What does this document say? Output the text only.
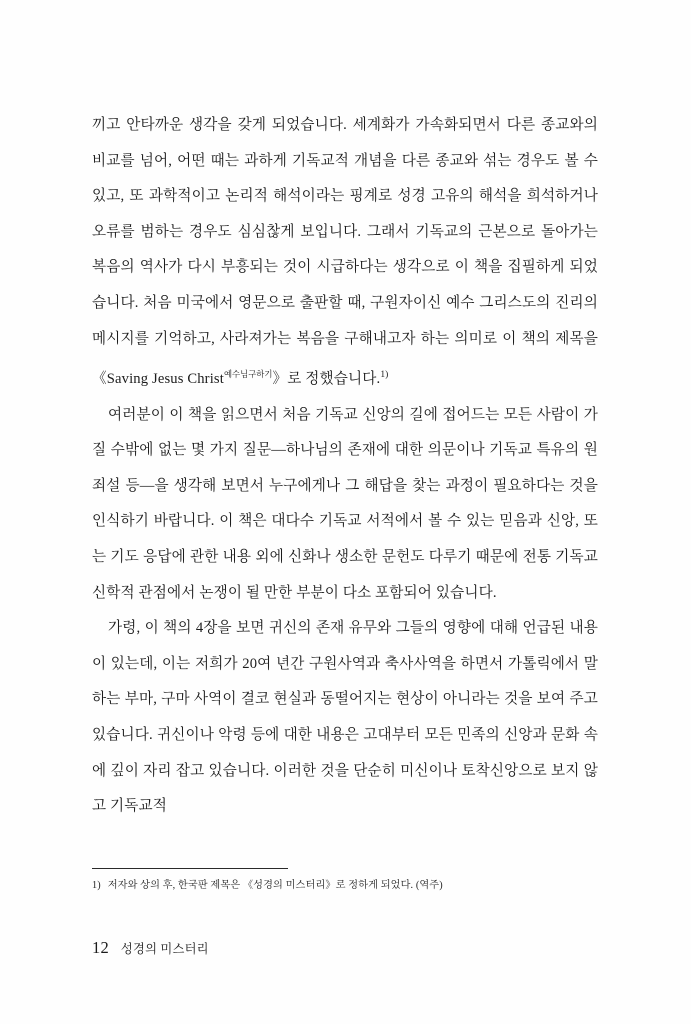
끼고 안타까운 생각을 갖게 되었습니다. 세계화가 가속화되면서 다른 종교와의 비교를 넘어, 어떤 때는 과하게 기독교적 개념을 다른 종교와 섞는 경우도 볼 수 있고, 또 과학적이고 논리적 해석이라는 핑계로 성경 고유의 해석을 희석하거나 오류를 범하는 경우도 심심찮게 보입니다. 그래서 기독교의 근본으로 돌아가는 복음의 역사가 다시 부흥되는 것이 시급하다는 생각으로 이 책을 집필하게 되었습니다. 처음 미국에서 영문으로 출판할 때, 구원자이신 예수 그리스도의 진리의 메시지를 기억하고, 사라져가는 복음을 구해내고자 하는 의미로 이 책의 제목을 《Saving Jesus Christ$^{예수님구하기}$》로 정했습니다.$^{1)}$

여러분이 이 책을 읽으면서 처음 기독교 신앙의 길에 접어드는 모든 사람이 가질 수밖에 없는 몇 가지 질문―하나님의 존재에 대한 의문이나 기독교 특유의 원죄설 등―을 생각해 보면서 누구에게나 그 해답을 찾는 과정이 필요하다는 것을 인식하기 바랍니다. 이 책은 대다수 기독교 서적에서 볼 수 있는 믿음과 신앙, 또는 기도 응답에 관한 내용 외에 신화나 생소한 문헌도 다루기 때문에 전통 기독교 신학적 관점에서 논쟁이 될 만한 부분이 다소 포함되어 있습니다.

가령, 이 책의 4장을 보면 귀신의 존재 유무와 그들의 영향에 대해 언급된 내용이 있는데, 이는 저희가 20여 년간 구원사역과 축사사역을 하면서 가톨릭에서 말하는 부마, 구마 사역이 결코 현실과 동떨어지는 현상이 아니라는 것을 보여 주고 있습니다. 귀신이나 악령 등에 대한 내용은 고대부터 모든 민족의 신앙과 문화 속에 깊이 자리 잡고 있습니다. 이러한 것을 단순히 미신이나 토착신앙으로 보지 않고 기독교적

1) 저자와 상의 후, 한국판 제목은 《성경의 미스터리》로 정하게 되었다. (역주)
12 성경의 미스터리
